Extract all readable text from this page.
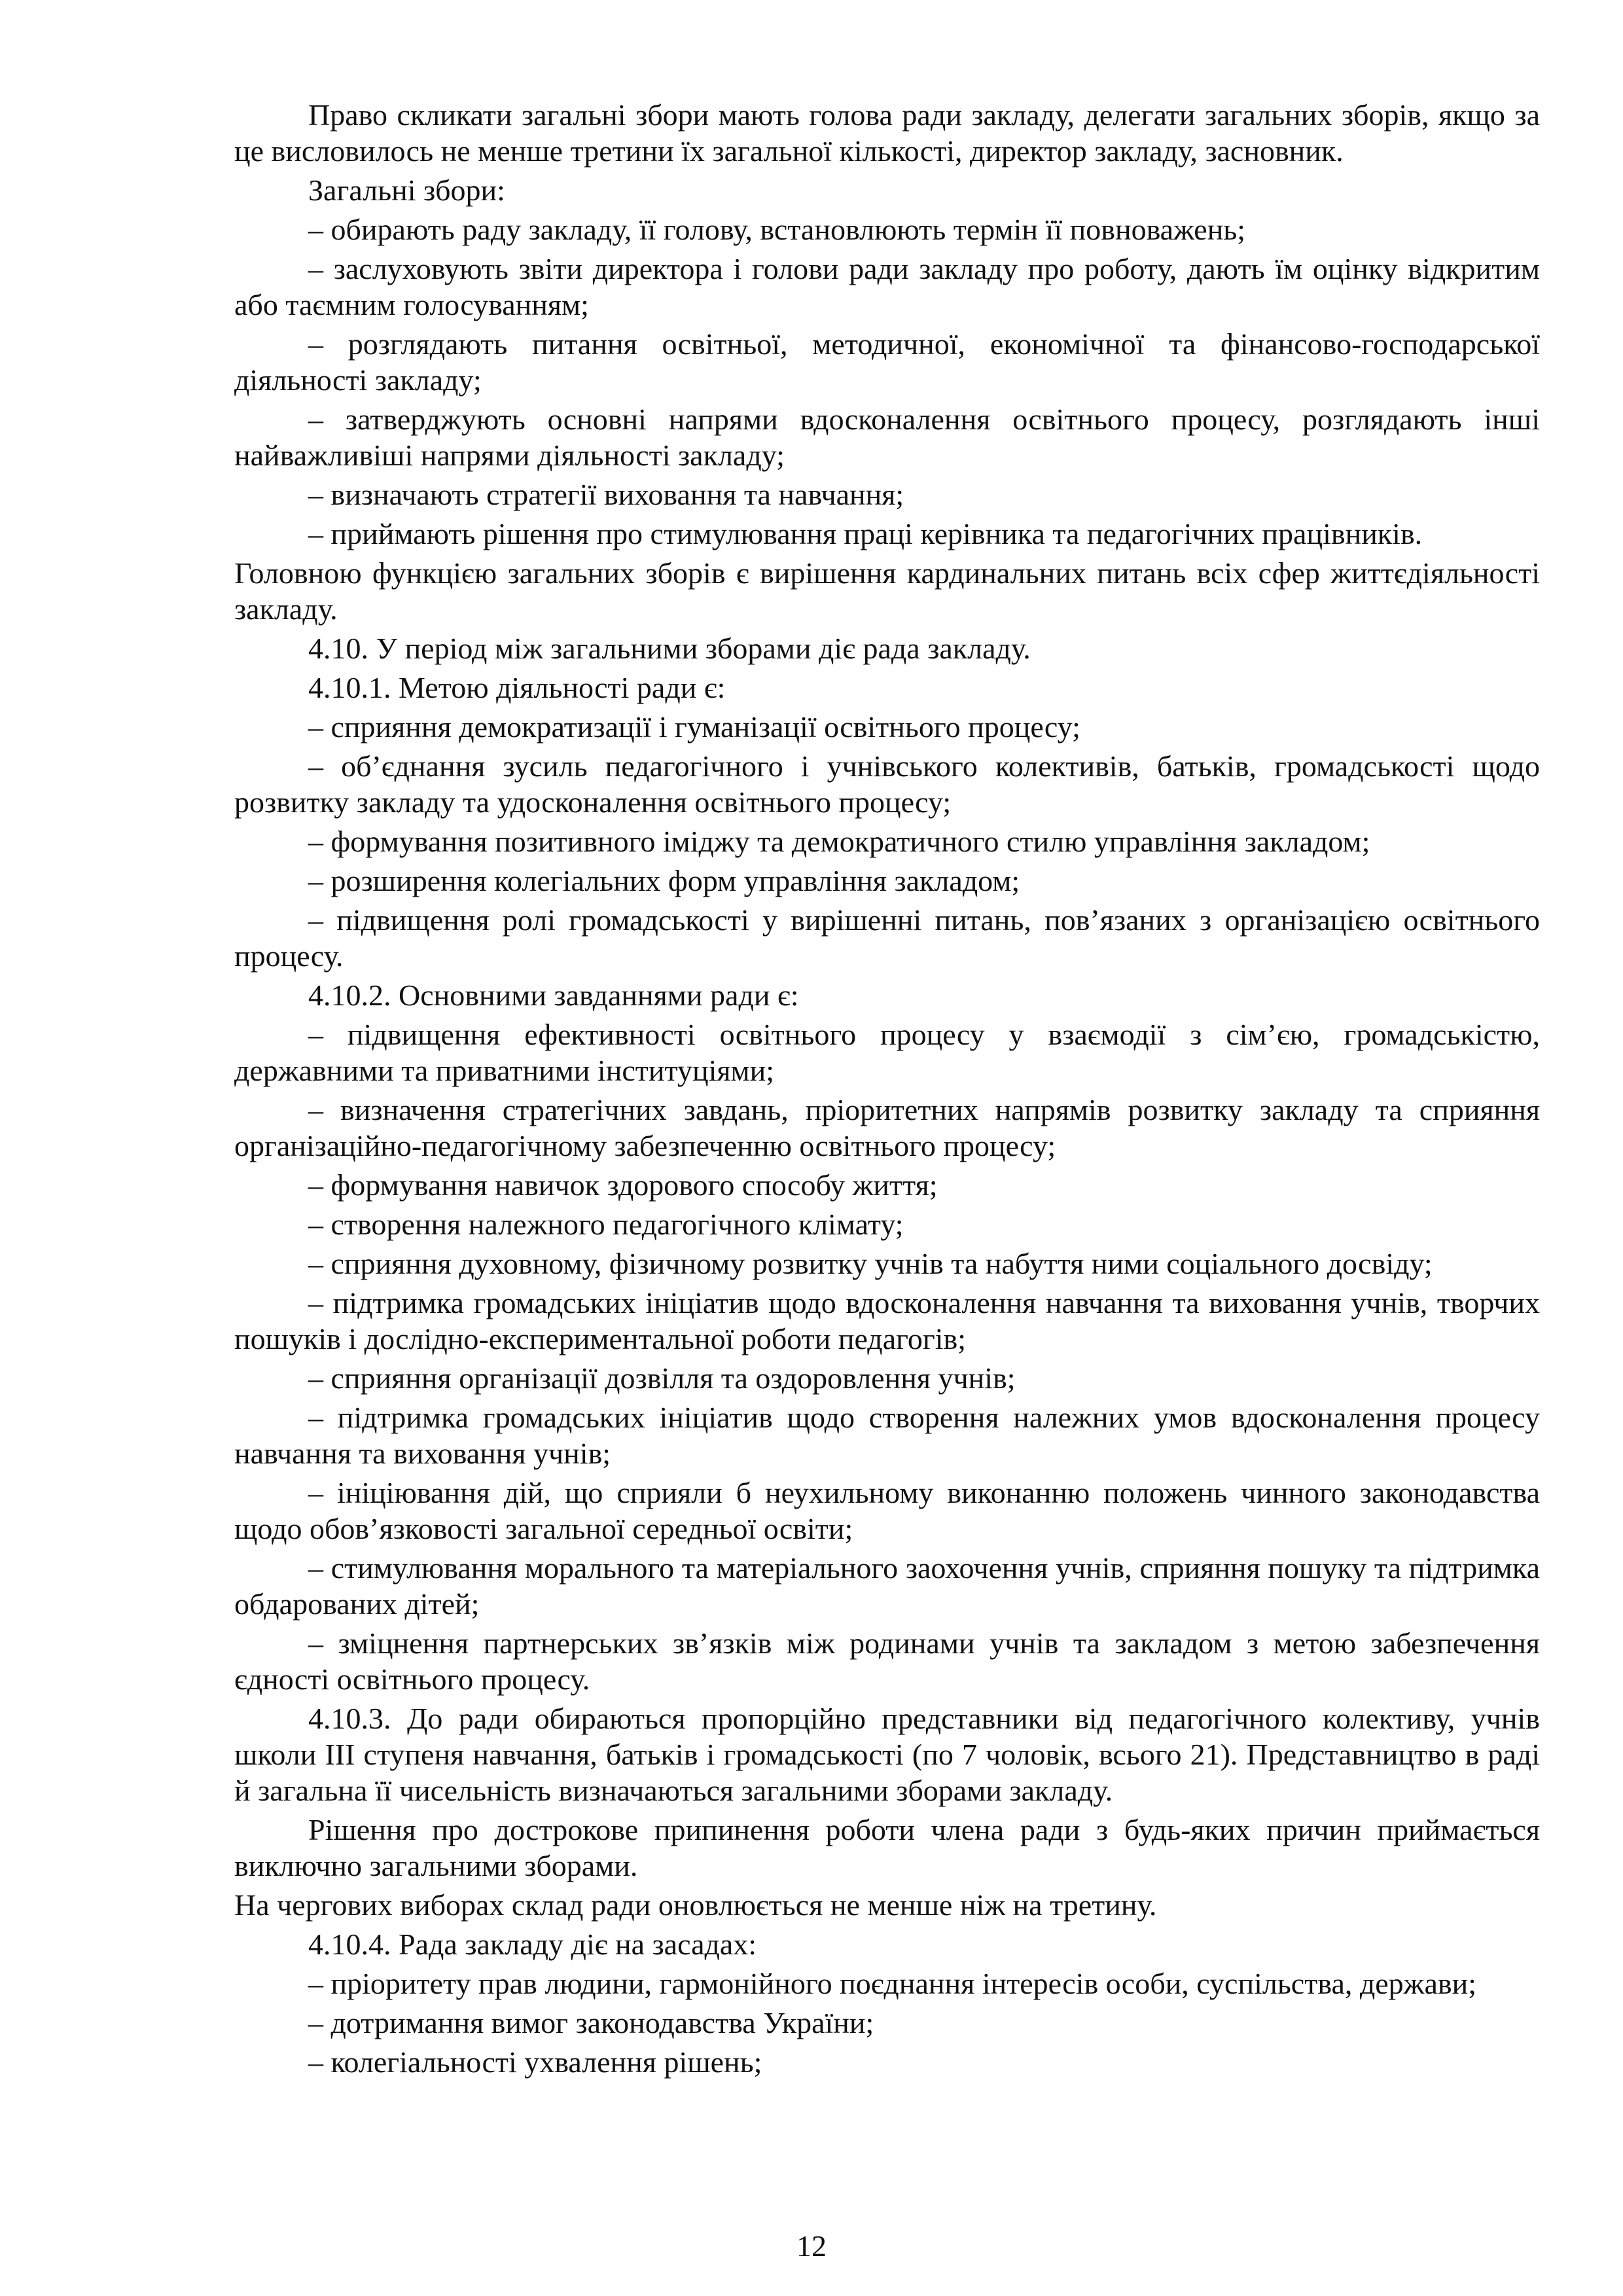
Право скликати загальні збори мають голова ради закладу, делегати загальних зборів, якщо за це висловилось не менше третини їх загальної кількості, директор закладу, засновник.

Загальні збори:

– обирають раду закладу, її голову, встановлюють термін її повноважень;

– заслуховують звіти директора і голови ради закладу про роботу, дають їм оцінку відкритим або таємним голосуванням;

– розглядають питання освітньої, методичної, економічної та фінансово-господарської діяльності закладу;

– затверджують основні напрями вдосконалення освітнього процесу, розглядають інші найважливіші напрями діяльності закладу;

– визначають стратегії виховання та навчання;

– приймають рішення про стимулювання праці керівника та педагогічних працівників.

Головною функцією загальних зборів є вирішення кардинальних питань всіх сфер життєдіяльності закладу.

4.10. У період між загальними зборами діє рада закладу.

4.10.1. Метою діяльності ради є:

– сприяння демократизації і гуманізації освітнього процесу;

– об’єднання зусиль педагогічного і учнівського колективів, батьків, громадськості щодо розвитку закладу та удосконалення освітнього процесу;

– формування позитивного іміджу та демократичного стилю управління закладом;

– розширення колегіальних форм управління закладом;

– підвищення ролі громадськості у вирішенні питань, пов’язаних з організацією освітнього процесу.

4.10.2. Основними завданнями ради є:

– підвищення ефективності освітнього процесу у взаємодії з сім’єю, громадськістю, державними та приватними інституціями;

– визначення стратегічних завдань, пріоритетних напрямів розвитку закладу та сприяння організаційно-педагогічному забезпеченню освітнього процесу;

– формування навичок здорового способу життя;

– створення належного педагогічного клімату;

– сприяння духовному, фізичному розвитку учнів та набуття ними соціального досвіду;

– підтримка громадських ініціатив щодо вдосконалення навчання та виховання учнів, творчих пошуків і дослідно-експериментальної роботи педагогів;

– сприяння організації дозвілля та оздоровлення учнів;

– підтримка громадських ініціатив щодо створення належних умов вдосконалення процесу навчання та виховання учнів;

– ініціювання дій, що сприяли б неухильному виконанню положень чинного законодавства щодо обов’язковості загальної середньої освіти;

– стимулювання морального та матеріального заохочення учнів, сприяння пошуку та підтримка обдарованих дітей;

– зміцнення партнерських зв’язків між родинами учнів та закладом з метою забезпечення єдності освітнього процесу.

4.10.3. До ради обираються пропорційно представники від педагогічного колективу, учнів школи ІІІ ступеня навчання, батьків і громадськості (по 7 чоловік, всього 21). Представництво в раді й загальна її чисельність визначаються загальними зборами закладу.

Рішення про дострокове припинення роботи члена ради з будь-яких причин приймається виключно загальними зборами.

На чергових виборах склад ради оновлюється не менше ніж на третину.

4.10.4. Рада закладу діє на засадах:

– пріоритету прав людини, гармонійного поєднання інтересів особи, суспільства, держави;

– дотримання вимог законодавства України;

– колегіальності ухвалення рішень;

12
